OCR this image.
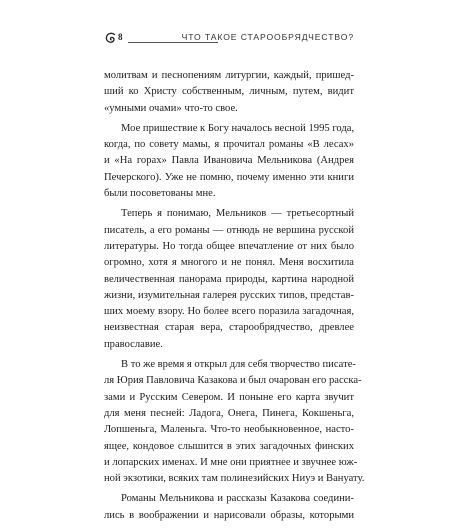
8	ЧТО ТАКОЕ СТАРООБРЯДЧЕСТВО?
молитвам и песнопениям литургии, каждый, пришед-
ший ко Христу собственным, личным, путем, видит
«умными очами» что-то свое.
Мое пришествие к Богу началось весной 1995 года,
когда, по совету мамы, я прочитал романы «В лесах»
и «На горах» Павла Ивановича Мельникова (Андрея
Печерского). Уже не помню, почему именно эти книги
были посоветованы мне.
Теперь я понимаю, Мельников — третьесортный
писатель, а его романы — отнюдь не вершина русской
литературы. Но тогда общее впечатление от них было
огромно, хотя я многого и не понял. Меня восхитила
величественная панорама природы, картина народной
жизни, изумительная галерея русских типов, представ-
ших моему взору. Но более всего поразила загадочная,
неизвестная старая вера, старообрядчество, древлее
православие.
В то же время я открыл для себя творчество писате-
ля Юрия Павловича Казакова и был очарован его расска-
зами и Русским Севером. И поныне его карта звучит
для меня песней: Ладога, Онега, Пинега, Кокшеньга,
Лопшеньга, Маленьга. Что-то необыкновенное, насто-
ящее, кондовое слышится в этих загадочных финских
и лопарских именах. И мне они приятнее и звучнее юж-
ной экзотики, всяких там полинезийских Ниуэ и Вануату.
Романы Мельникова и рассказы Казакова соедини-
лись в воображении и нарисовали образы, которыми
